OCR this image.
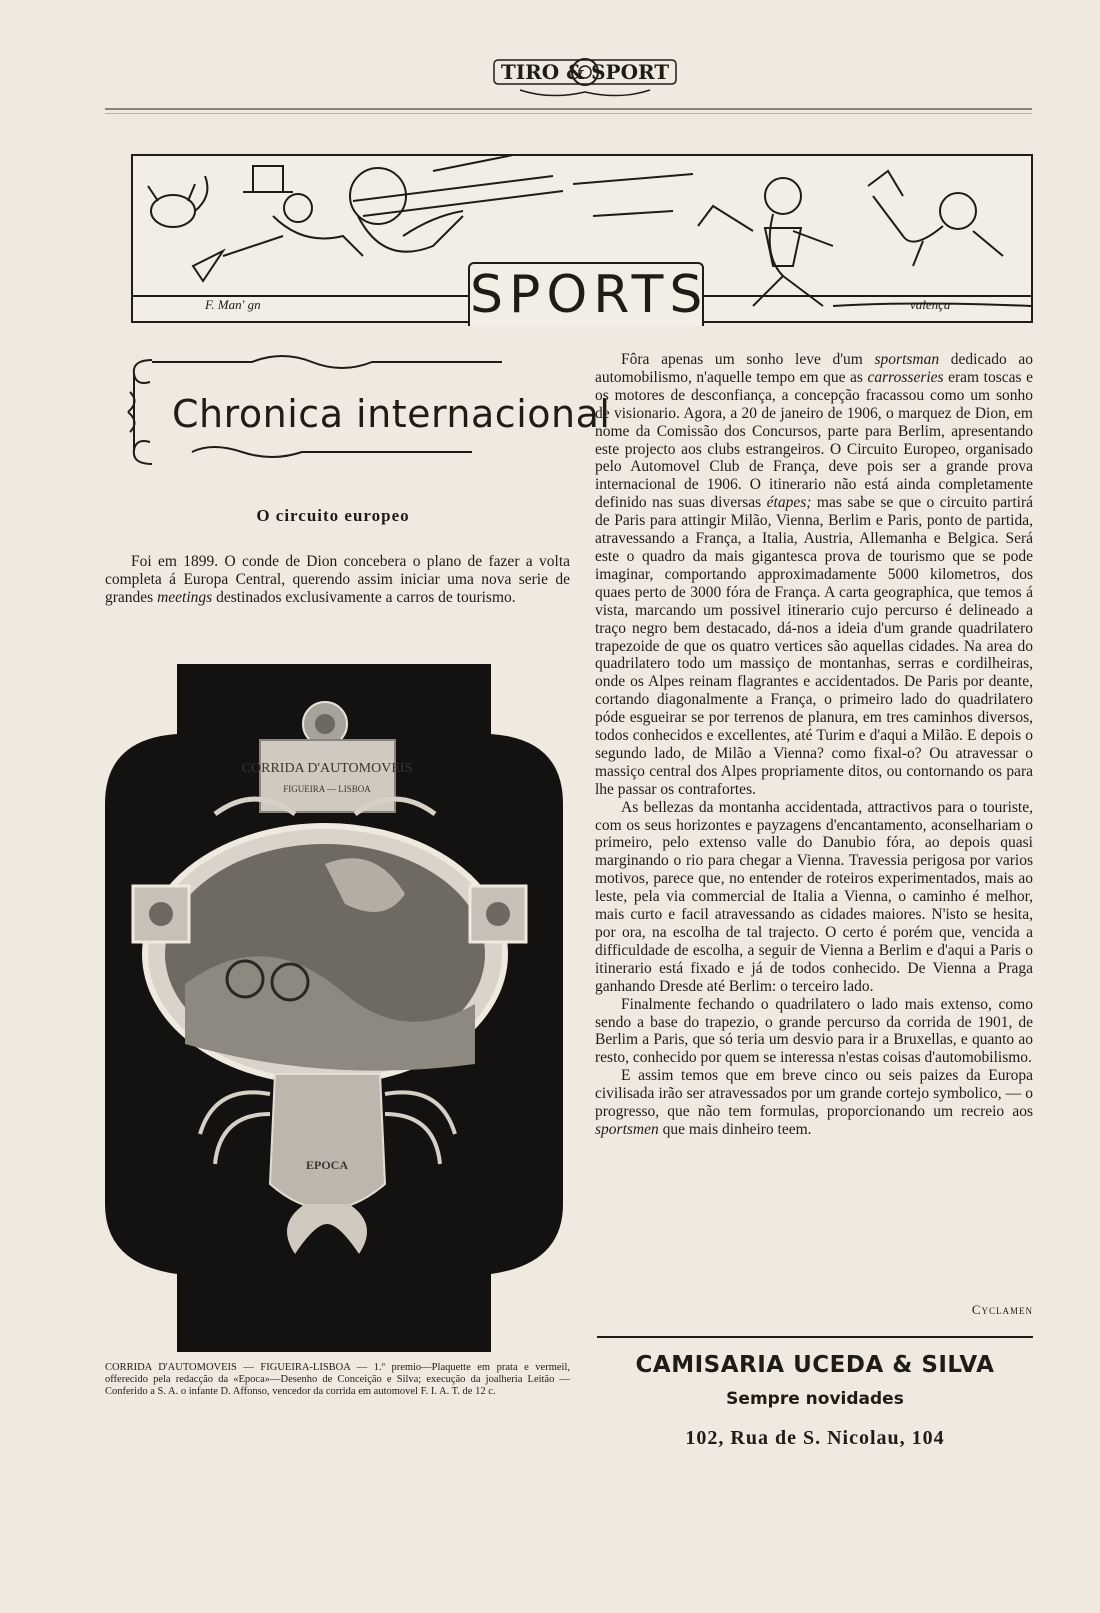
TIRO & SPORT
SPORTS
F. Man' gn	valença
Chronica internacional
O circuito europeo

Foi em 1899. O conde de Dion concebera o plano de fazer a volta completa á Europa Central, querendo assim iniciar uma nova serie de grandes meetings destinados exclusivamente a carros de tourismo.

CORRIDA D'AUTOMOVEIS
FIGUEIRA — LISBOA
EPOCA
CORRIDA D'AUTOMOVEIS — FIGUEIRA-LISBOA — 1.º premio—Plaquette em prata e vermeil, offerecido pela redacção da «Epoca»—Desenho de Conceição e Silva; execução da joalheria Leitão — Conferido a S. A. o infante D. Affonso, vencedor da corrida em automovel F. I. A. T. de 12 c.

Fôra apenas um sonho leve d'um sportsman dedicado ao automobilismo, n'aquelle tempo em que as carrosseries eram toscas e os motores de desconfiança, a concepção fracassou como um sonho de visionario. Agora, a 20 de janeiro de 1906, o marquez de Dion, em nome da Comissão dos Concursos, parte para Berlim, apresentando este projecto aos clubs estrangeiros. O Circuito Europeo, organisado pelo Automovel Club de França, deve pois ser a grande prova internacional de 1906. O itinerario não está ainda completamente definido nas suas diversas étapes; mas sabe se que o circuito partirá de Paris para attingir Milão, Vienna, Berlim e Paris, ponto de partida, atravessando a França, a Italia, Austria, Allemanha e Belgica. Será este o quadro da mais gigantesca prova de tourismo que se pode imaginar, comportando approximadamente 5000 kilometros, dos quaes perto de 3000 fóra de França. A carta geographica, que temos á vista, marcando um possivel itinerario cujo percurso é delineado a traço negro bem destacado, dá-nos a ideia d'um grande quadrilatero trapezoide de que os quatro vertices são aquellas cidades. Na area do quadrilatero todo um massiço de montanhas, serras e cordilheiras, onde os Alpes reinam flagrantes e accidentados. De Paris por deante, cortando diagonalmente a França, o primeiro lado do quadrilatero póde esgueirar se por terrenos de planura, em tres caminhos diversos, todos conhecidos e excellentes, até Turim e d'aqui a Milão. E depois o segundo lado, de Milão a Vienna? como fixal-o? Ou atravessar o massiço central dos Alpes propriamente ditos, ou contornando os para lhe passar os contrafortes.

As bellezas da montanha accidentada, attractivos para o touriste, com os seus horizontes e payzagens d'encantamento, aconselhariam o primeiro, pelo extenso valle do Danubio fóra, ao depois quasi marginando o rio para chegar a Vienna. Travessia perigosa por varios motivos, parece que, no entender de roteiros experimentados, mais ao leste, pela via commercial de Italia a Vienna, o caminho é melhor, mais curto e facil atravessando as cidades maiores. N'isto se hesita, por ora, na escolha de tal trajecto. O certo é porém que, vencida a difficuldade de escolha, a seguir de Vienna a Berlim e d'aqui a Paris o itinerario está fixado e já de todos conhecido. De Vienna a Praga ganhando Dresde até Berlim: o terceiro lado.

Finalmente fechando o quadrilatero o lado mais extenso, como sendo a base do trapezio, o grande percurso da corrida de 1901, de Berlim a Paris, que só teria um desvio para ir a Bruxellas, e quanto ao resto, conhecido por quem se interessa n'estas coisas d'automobilismo.

E assim temos que em breve cinco ou seis paizes da Europa civilisada irão ser atravessados por um grande cortejo symbolico, — o progresso, que não tem formulas, proporcionando um recreio aos sportsmen que mais dinheiro teem.

Cyclamen
CAMISARIA UCEDA & SILVA
Sempre novidades
102, Rua de S. Nicolau, 104
